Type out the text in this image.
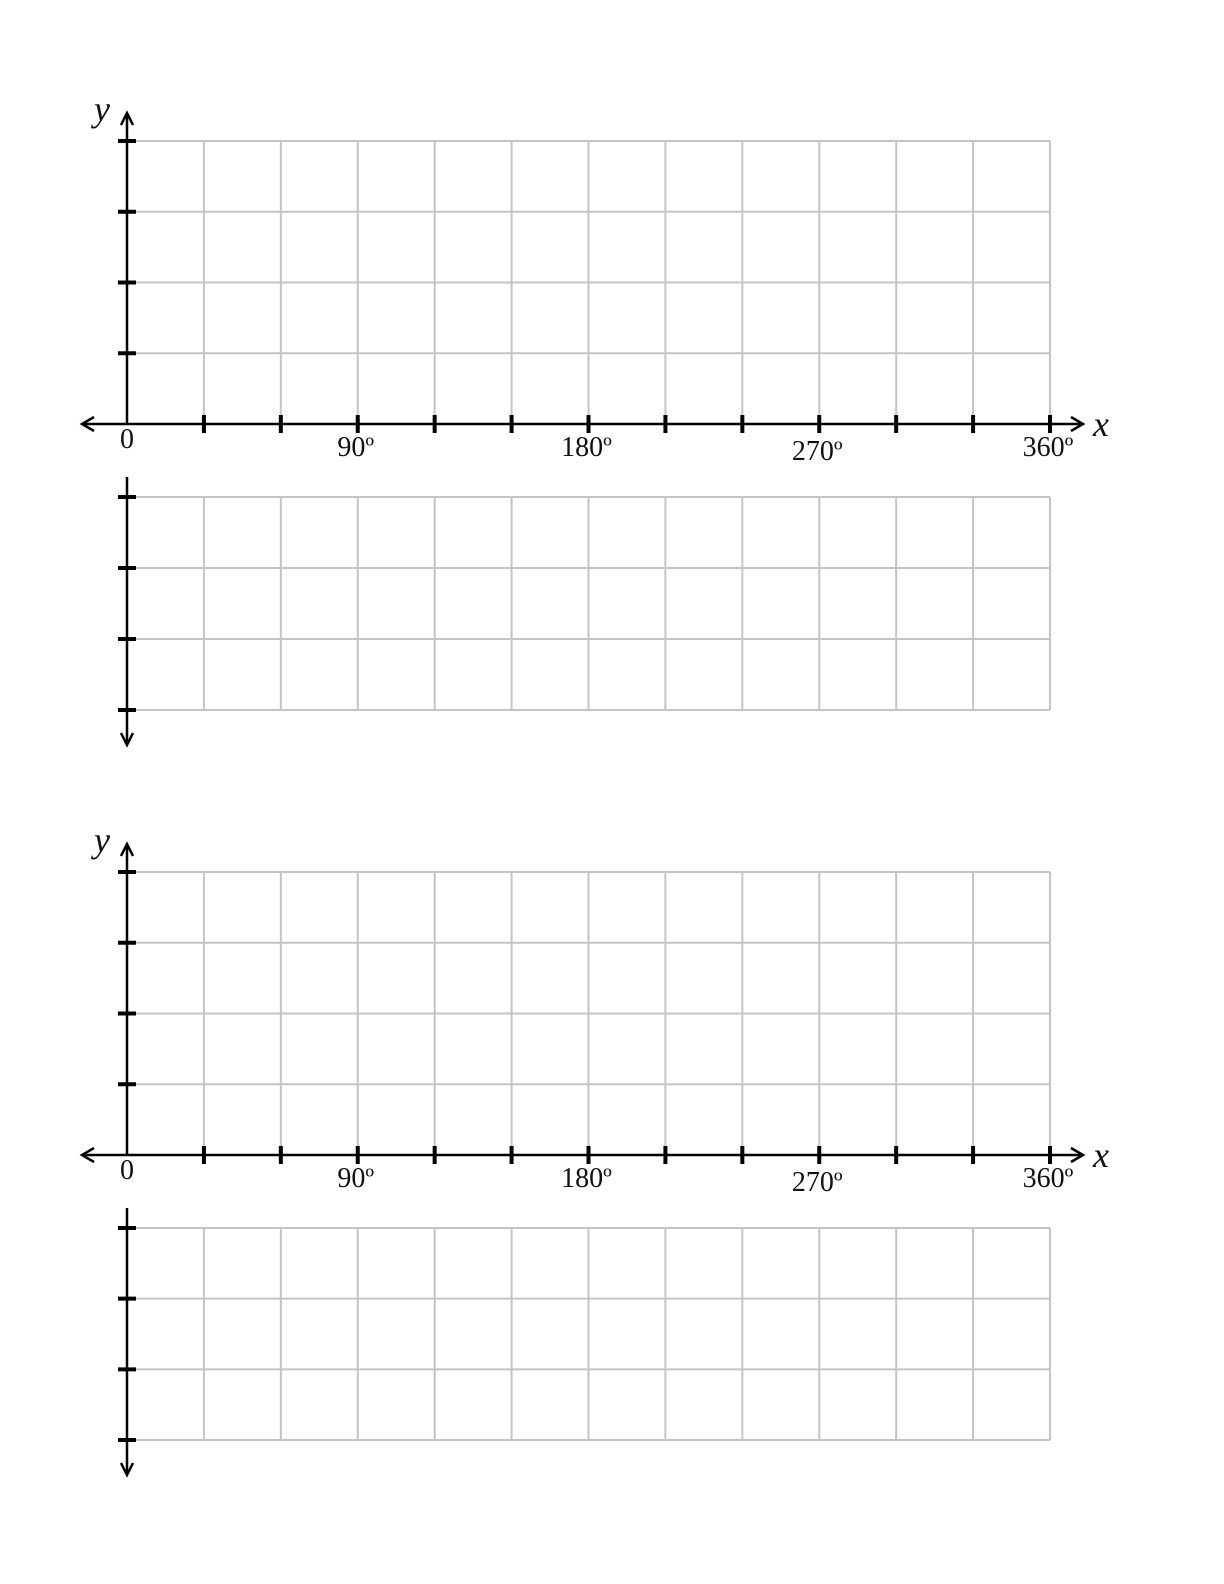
0	90º	180º	270º	360º
x
y
0	90º	180º	270º	360º
x
y
